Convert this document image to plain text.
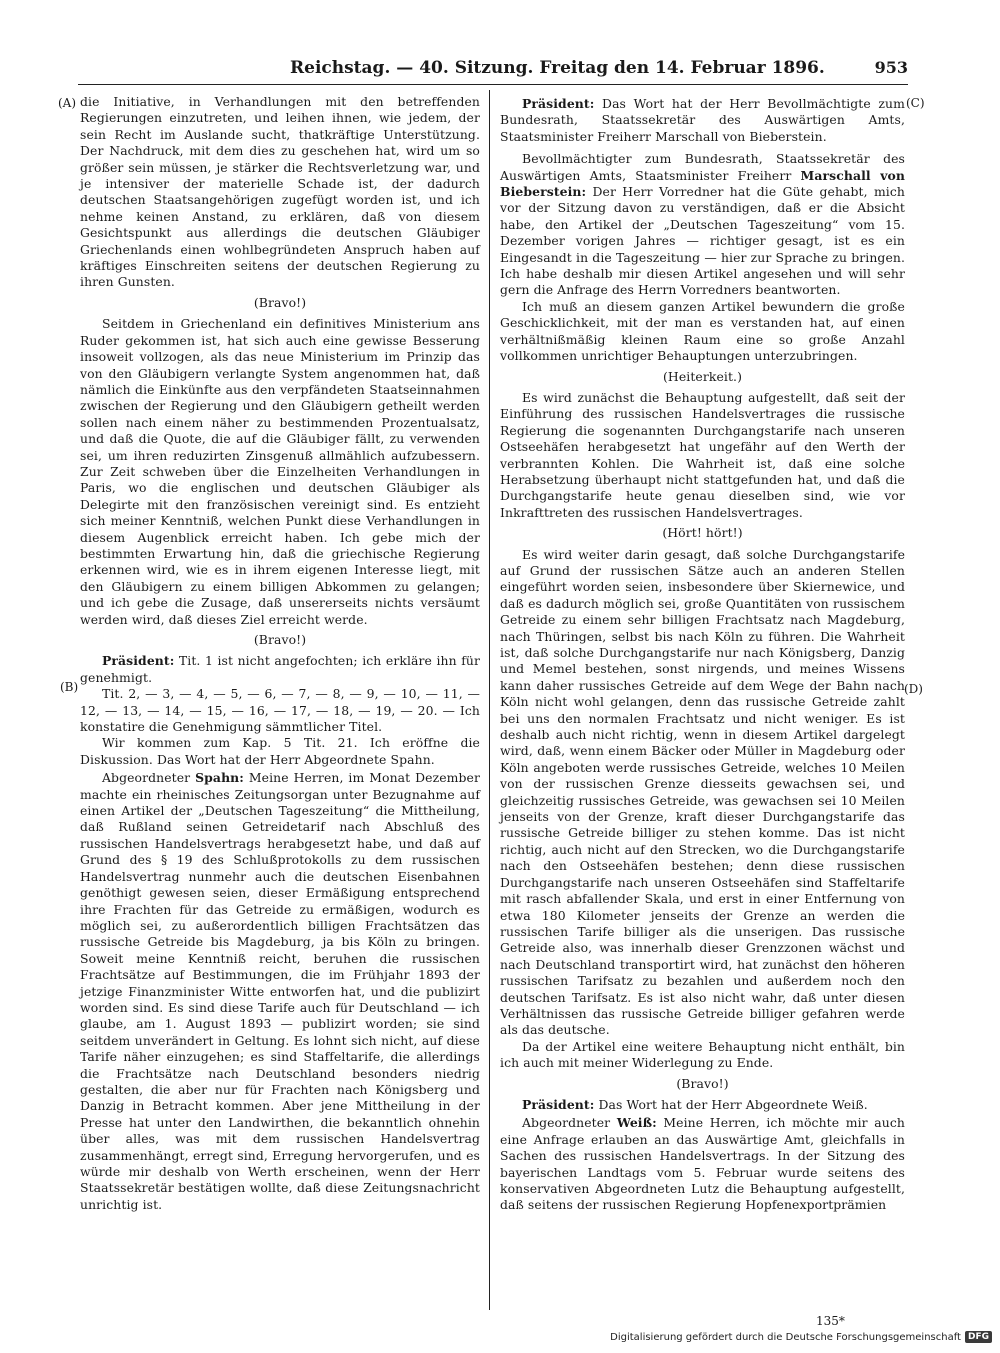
Reichstag. — 40. Sitzung. Freitag den 14. Februar 1896.	953
(A)
(B)
(C)
(D)

die Initiative, in Verhandlungen mit den betreffenden Regierungen einzutreten, und leihen ihnen, wie jedem, der sein Recht im Auslande sucht, thatkräftige Unterstützung. Der Nachdruck, mit dem dies zu geschehen hat, wird um so größer sein müssen, je stärker die Rechtsverletzung war, und je intensiver der materielle Schade ist, der dadurch deutschen Staatsangehörigen zugefügt worden ist, und ich nehme keinen Anstand, zu erklären, daß von diesem Gesichtspunkt aus allerdings die deutschen Gläubiger Griechenlands einen wohlbegründeten Anspruch haben auf kräftiges Einschreiten seitens der deutschen Regierung zu ihren Gunsten.

(Bravo!)

Seitdem in Griechenland ein definitives Ministerium ans Ruder gekommen ist, hat sich auch eine gewisse Besserung insoweit vollzogen, als das neue Ministerium im Prinzip das von den Gläubigern verlangte System angenommen hat, daß nämlich die Einkünfte aus den verpfändeten Staatseinnahmen zwischen der Regierung und den Gläubigern getheilt werden sollen nach einem näher zu bestimmenden Prozentualsatz, und daß die Quote, die auf die Gläubiger fällt, zu verwenden sei, um ihren reduzirten Zinsgenuß allmählich aufzubessern. Zur Zeit schweben über die Einzelheiten Verhandlungen in Paris, wo die englischen und deutschen Gläubiger als Delegirte mit den französischen vereinigt sind. Es entzieht sich meiner Kenntniß, welchen Punkt diese Verhandlungen in diesem Augenblick erreicht haben. Ich gebe mich der bestimmten Erwartung hin, daß die griechische Regierung erkennen wird, wie es in ihrem eigenen Interesse liegt, mit den Gläubigern zu einem billigen Abkommen zu gelangen; und ich gebe die Zusage, daß unsererseits nichts versäumt werden wird, daß dieses Ziel erreicht werde.

(Bravo!)

Präsident: Tit. 1 ist nicht angefochten; ich erkläre ihn für genehmigt.

Tit. 2, — 3, — 4, — 5, — 6, — 7, — 8, — 9, — 10, — 11, — 12, — 13, — 14, — 15, — 16, — 17, — 18, — 19, — 20. — Ich konstatire die Genehmigung sämmtlicher Titel.

Wir kommen zum Kap. 5 Tit. 21. Ich eröffne die Diskussion. Das Wort hat der Herr Abgeordnete Spahn.

Abgeordneter Spahn: Meine Herren, im Monat Dezember machte ein rheinisches Zeitungsorgan unter Bezugnahme auf einen Artikel der „Deutschen Tageszeitung“ die Mittheilung, daß Rußland seinen Getreidetarif nach Abschluß des russischen Handelsvertrags herabgesetzt habe, und daß auf Grund des § 19 des Schlußprotokolls zu dem russischen Handelsvertrag nunmehr auch die deutschen Eisenbahnen genöthigt gewesen seien, dieser Ermäßigung entsprechend ihre Frachten für das Getreide zu ermäßigen, wodurch es möglich sei, zu außerordentlich billigen Frachtsätzen das russische Getreide bis Magdeburg, ja bis Köln zu bringen. Soweit meine Kenntniß reicht, beruhen die russischen Frachtsätze auf Bestimmungen, die im Frühjahr 1893 der jetzige Finanzminister Witte entworfen hat, und die publizirt worden sind. Es sind diese Tarife auch für Deutschland — ich glaube, am 1. August 1893 — publizirt worden; sie sind seitdem unverändert in Geltung. Es lohnt sich nicht, auf diese Tarife näher einzugehen; es sind Staffeltarife, die allerdings die Frachtsätze nach Deutschland besonders niedrig gestalten, die aber nur für Frachten nach Königsberg und Danzig in Betracht kommen. Aber jene Mittheilung in der Presse hat unter den Landwirthen, die bekanntlich ohnehin über alles, was mit dem russischen Handelsvertrag zusammenhängt, erregt sind, Erregung hervorgerufen, und es würde mir deshalb von Werth erscheinen, wenn der Herr Staatssekretär bestätigen wollte, daß diese Zeitungsnachricht unrichtig ist.

Präsident: Das Wort hat der Herr Bevollmächtigte zum Bundesrath, Staatssekretär des Auswärtigen Amts, Staatsminister Freiherr Marschall von Bieberstein.

Bevollmächtigter zum Bundesrath, Staatssekretär des Auswärtigen Amts, Staatsminister Freiherr Marschall von Bieberstein: Der Herr Vorredner hat die Güte gehabt, mich vor der Sitzung davon zu verständigen, daß er die Absicht habe, den Artikel der „Deutschen Tageszeitung“ vom 15. Dezember vorigen Jahres — richtiger gesagt, ist es ein Eingesandt in die Tageszeitung — hier zur Sprache zu bringen. Ich habe deshalb mir diesen Artikel angesehen und will sehr gern die Anfrage des Herrn Vorredners beantworten.

Ich muß an diesem ganzen Artikel bewundern die große Geschicklichkeit, mit der man es verstanden hat, auf einen verhältnißmäßig kleinen Raum eine so große Anzahl vollkommen unrichtiger Behauptungen unterzubringen.

(Heiterkeit.)

Es wird zunächst die Behauptung aufgestellt, daß seit der Einführung des russischen Handelsvertrages die russische Regierung die sogenannten Durchgangstarife nach unseren Ostseehäfen herabgesetzt hat ungefähr auf den Werth der verbrannten Kohlen. Die Wahrheit ist, daß eine solche Herabsetzung überhaupt nicht stattgefunden hat, und daß die Durchgangstarife heute genau dieselben sind, wie vor Inkrafttreten des russischen Handelsvertrages.

(Hört! hört!)

Es wird weiter darin gesagt, daß solche Durchgangstarife auf Grund der russischen Sätze auch an anderen Stellen eingeführt worden seien, insbesondere über Skiernewice, und daß es dadurch möglich sei, große Quantitäten von russischem Getreide zu einem sehr billigen Frachtsatz nach Magdeburg, nach Thüringen, selbst bis nach Köln zu führen. Die Wahrheit ist, daß solche Durchgangstarife nur nach Königsberg, Danzig und Memel bestehen, sonst nirgends, und meines Wissens kann daher russisches Getreide auf dem Wege der Bahn nach Köln nicht wohl gelangen, denn das russische Getreide zahlt bei uns den normalen Frachtsatz und nicht weniger. Es ist deshalb auch nicht richtig, wenn in diesem Artikel dargelegt wird, daß, wenn einem Bäcker oder Müller in Magdeburg oder Köln angeboten werde russisches Getreide, welches 10 Meilen von der russischen Grenze diesseits gewachsen sei, und gleichzeitig russisches Getreide, was gewachsen sei 10 Meilen jenseits von der Grenze, kraft dieser Durchgangstarife das russische Getreide billiger zu stehen komme. Das ist nicht richtig, auch nicht auf den Strecken, wo die Durchgangstarife nach den Ostseehäfen bestehen; denn diese russischen Durchgangstarife nach unseren Ostseehäfen sind Staffeltarife mit rasch abfallender Skala, und erst in einer Entfernung von etwa 180 Kilometer jenseits der Grenze an werden die russischen Tarife billiger als die unserigen. Das russische Getreide also, was innerhalb dieser Grenzzonen wächst und nach Deutschland transportirt wird, hat zunächst den höheren russischen Tarifsatz zu bezahlen und außerdem noch den deutschen Tarifsatz. Es ist also nicht wahr, daß unter diesen Verhältnissen das russische Getreide billiger gefahren werde als das deutsche.

Da der Artikel eine weitere Behauptung nicht enthält, bin ich auch mit meiner Widerlegung zu Ende.

(Bravo!)

Präsident: Das Wort hat der Herr Abgeordnete Weiß.

Abgeordneter Weiß: Meine Herren, ich möchte mir auch eine Anfrage erlauben an das Auswärtige Amt, gleichfalls in Sachen des russischen Handelsvertrags. In der Sitzung des bayerischen Landtags vom 5. Februar wurde seitens des konservativen Abgeordneten Lutz die Behauptung aufgestellt, daß seitens der russischen Regierung Hopfenexportprämien

135*
Digitalisierung gefördert durch die Deutsche Forschungsgemeinschaft DFG
